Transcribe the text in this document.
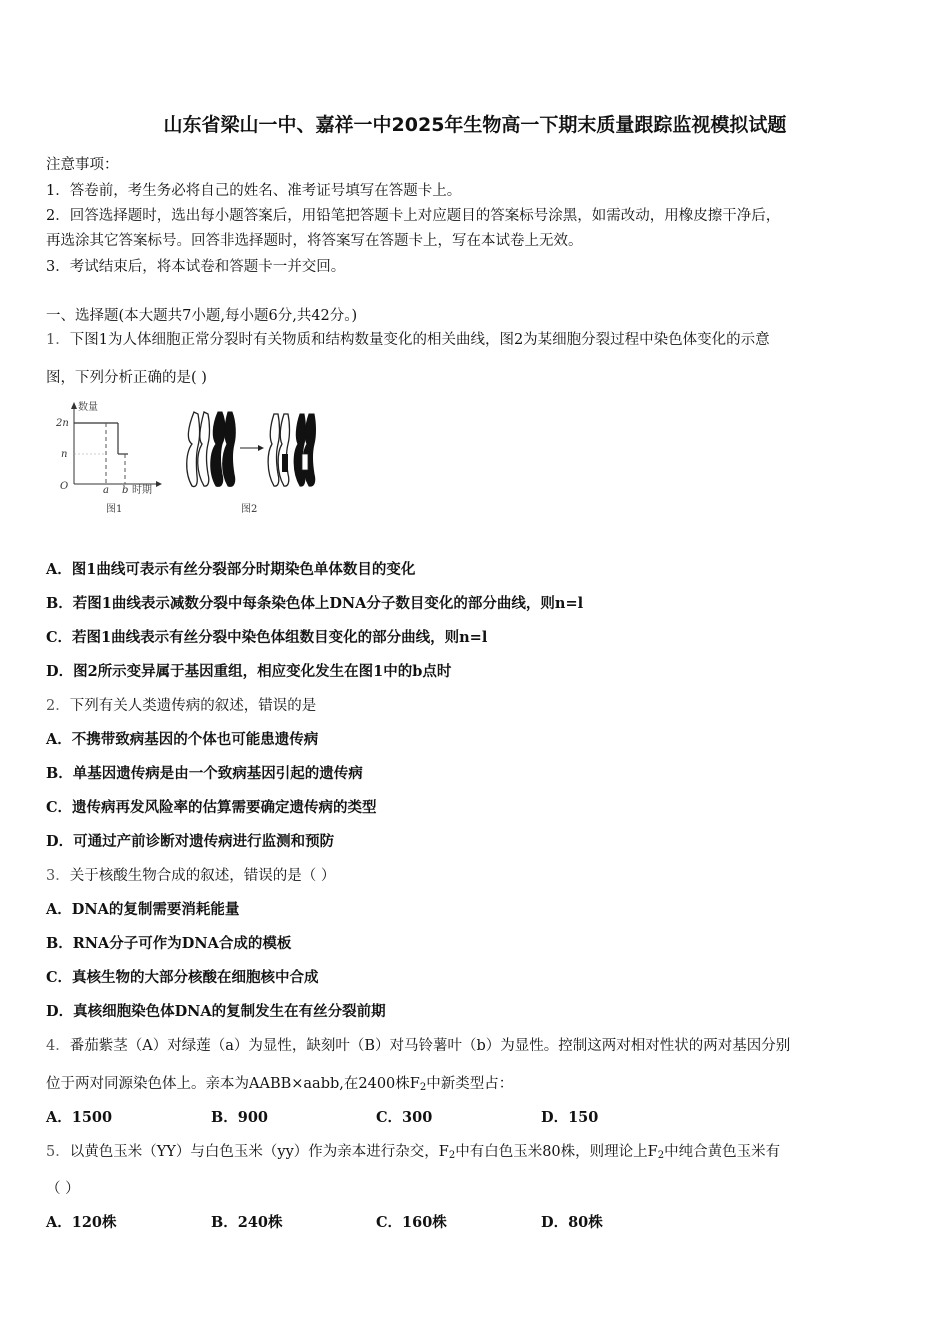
山东省梁山一中、嘉祥一中2025年生物高一下期末质量跟踪监视模拟试题
注意事项：
1．答卷前，考生务必将自己的姓名、准考证号填写在答题卡上。
2．回答选择题时，选出每小题答案后，用铅笔把答题卡上对应题目的答案标号涂黑，如需改动，用橡皮擦干净后，
再选涂其它答案标号。回答非选择题时，将答案写在答题卡上，写在本试卷上无效。
3．考试结束后，将本试卷和答题卡一并交回。
一、选择题(本大题共7小题,每小题6分,共42分。)
1．下图1为人体细胞正常分裂时有关物质和结构数量变化的相关曲线，图2为某细胞分裂过程中染色体变化的示意
图，下列分析正确的是( )
数量
2n
n
O	a b 时期
图1	图2
A．图1曲线可表示有丝分裂部分时期染色单体数目的变化
B．若图1曲线表示减数分裂中每条染色体上DNA分子数目变化的部分曲线，则n=l
C．若图1曲线表示有丝分裂中染色体组数目变化的部分曲线，则n=l
D．图2所示变异属于基因重组，相应变化发生在图1中的b点时
2．下列有关人类遗传病的叙述，错误的是
A．不携带致病基因的个体也可能患遗传病
B．单基因遗传病是由一个致病基因引起的遗传病
C．遗传病再发风险率的估算需要确定遗传病的类型
D．可通过产前诊断对遗传病进行监测和预防
3．关于核酸生物合成的叙述，错误的是（ ）
A．DNA的复制需要消耗能量
B．RNA分子可作为DNA合成的模板
C．真核生物的大部分核酸在细胞核中合成
D．真核细胞染色体DNA的复制发生在有丝分裂前期
4．番茄紫茎（A）对绿莲（a）为显性，缺刻叶（B）对马铃薯叶（b）为显性。控制这两对相对性状的两对基因分别
位于两对同源染色体上。亲本为AABB×aabb,在2400株$F_2$中新类型占：
A．1500	B．900	C．300	D．150
5．以黄色玉米（YY）与白色玉米（yy）作为亲本进行杂交，$F_2$中有白色玉米80株，则理论上$F_2$中纯合黄色玉米有
（ ）
A．120株	B．240株	C．160株	D．80株
